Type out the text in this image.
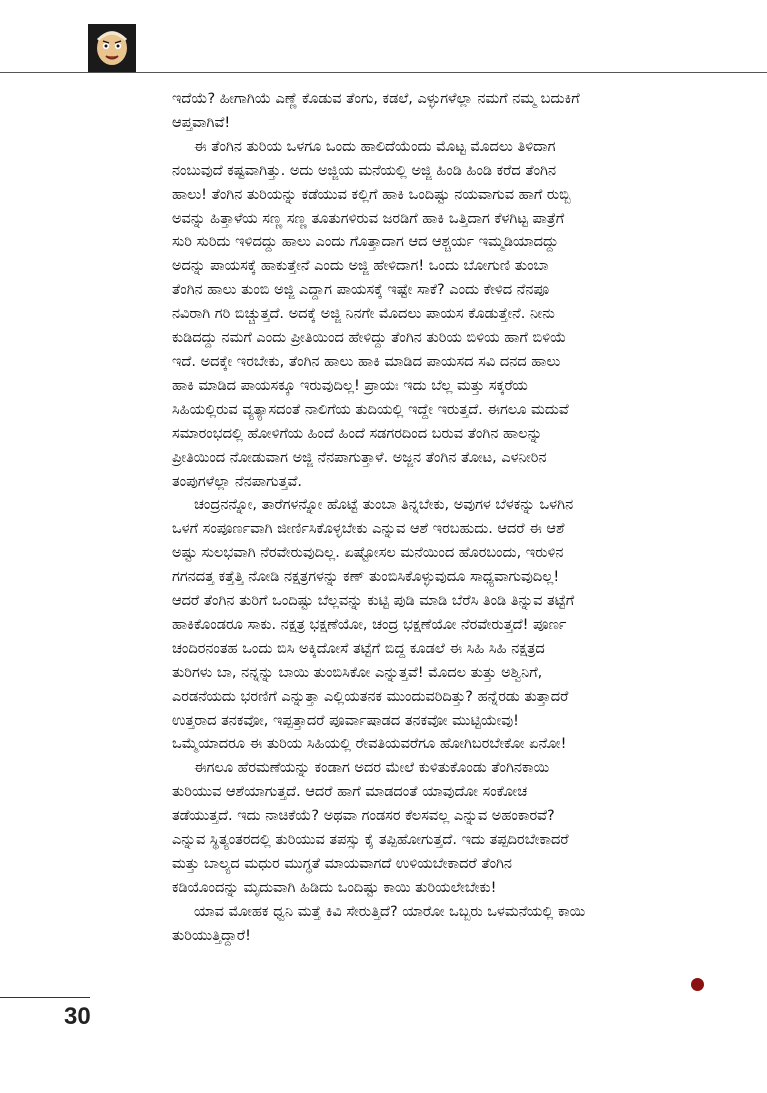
ಇದೆಯೆ? ಹೀಗಾಗಿಯೆ ಎಣ್ಣೆ ಕೊಡುವ ತೆಂಗು, ಕಡಲೆ, ಎಳ್ಳುಗಳೆಲ್ಲಾ ನಮಗೆ ನಮ್ಮ ಬದುಕಿಗೆ
ಆಪ್ತವಾಗಿವೆ!

ಈ ತೆಂಗಿನ ತುರಿಯ ಒಳಗೂ ಒಂದು ಹಾಲಿದೆಯೆಂದು ಮೊಟ್ಟ ಮೊದಲು ತಿಳಿದಾಗ
ನಂಬುವುದೆ ಕಷ್ಟವಾಗಿತ್ತು. ಅದು ಅಜ್ಜಿಯ ಮನೆಯಲ್ಲಿ ಅಜ್ಜಿ ಹಿಂಡಿ ಹಿಂಡಿ ಕರೆದ ತೆಂಗಿನ
ಹಾಲು! ತೆಂಗಿನ ತುರಿಯನ್ನು ಕಡೆಯುವ ಕಲ್ಲಿಗೆ ಹಾಕಿ ಒಂದಿಷ್ಟು ನಯವಾಗುವ ಹಾಗೆ ರುಬ್ಬಿ
ಅವನ್ನು ಹಿತ್ತಾಳೆಯ ಸಣ್ಣ ಸಣ್ಣ ತೂತುಗಳಿರುವ ಜರಡಿಗೆ ಹಾಕಿ ಒತ್ತಿದಾಗ ಕೆಳಗಿಟ್ಟ ಪಾತ್ರೆಗೆ
ಸುರಿ ಸುರಿದು ಇಳಿದದ್ದು ಹಾಲು ಎಂದು ಗೊತ್ತಾದಾಗ ಆದ ಆಶ್ಚರ್ಯ ಇಮ್ಮಡಿಯಾದದ್ದು
ಅದನ್ನು ಪಾಯಸಕ್ಕೆ ಹಾಕುತ್ತೇನೆ ಎಂದು ಅಜ್ಜಿ ಹೇಳಿದಾಗ! ಒಂದು ಬೋಗುಣಿ ತುಂಬಾ
ತೆಂಗಿನ ಹಾಲು ತುಂಬಿ ಅಜ್ಜಿ ಎದ್ದಾಗ ಪಾಯಸಕ್ಕೆ ಇಷ್ಟೇ ಸಾಕೆ? ಎಂದು ಕೇಳಿದ ನೆನಪೂ
ನವಿರಾಗಿ ಗರಿ ಬಿಚ್ಚುತ್ತದೆ. ಅದಕ್ಕೆ ಅಜ್ಜಿ ನಿನಗೇ ಮೊದಲು ಪಾಯಸ ಕೊಡುತ್ತೇನೆ. ನೀನು
ಕುಡಿದದ್ದು ನಮಗೆ ಎಂದು ಪ್ರೀತಿಯಿಂದ ಹೇಳಿದ್ದು ತೆಂಗಿನ ತುರಿಯ ಬಿಳಿಯ ಹಾಗೆ ಬಿಳಿಯೆ
ಇದೆ. ಅದಕ್ಕೇ ಇರಬೇಕು, ತೆಂಗಿನ ಹಾಲು ಹಾಕಿ ಮಾಡಿದ ಪಾಯಸದ ಸವಿ ದನದ ಹಾಲು
ಹಾಕಿ ಮಾಡಿದ ಪಾಯಸಕ್ಕೂ ಇರುವುದಿಲ್ಲ! ಪ್ರಾಯಃ ಇದು ಬೆಲ್ಲ ಮತ್ತು ಸಕ್ಕರೆಯ
ಸಿಹಿಯಲ್ಲಿರುವ ವ್ಯತ್ಯಾಸದಂತೆ ನಾಲಿಗೆಯ ತುದಿಯಲ್ಲಿ ಇದ್ದೇ ಇರುತ್ತದೆ. ಈಗಲೂ ಮದುವೆ
ಸಮಾರಂಭದಲ್ಲಿ ಹೋಳಿಗೆಯ ಹಿಂದೆ ಹಿಂದೆ ಸಡಗರದಿಂದ ಬರುವ ತೆಂಗಿನ ಹಾಲನ್ನು
ಪ್ರೀತಿಯಿಂದ ನೋಡುವಾಗ ಅಜ್ಜಿ ನೆನಪಾಗುತ್ತಾಳೆ. ಅಜ್ಜನ ತೆಂಗಿನ ತೋಟ, ಎಳನೀರಿನ
ತಂಪುಗಳೆಲ್ಲಾ ನೆನಪಾಗುತ್ತವೆ.

ಚಂದ್ರನನ್ನೋ, ತಾರೆಗಳನ್ನೋ ಹೊಟ್ಟೆ ತುಂಬಾ ತಿನ್ನಬೇಕು, ಅವುಗಳ ಬೆಳಕನ್ನು ಒಳಗಿನ
ಒಳಗೆ ಸಂಪೂರ್ಣವಾಗಿ ಜೀರ್ಣಿಸಿಕೊಳ್ಳಬೇಕು ಎನ್ನುವ ಆಶೆ ಇರಬಹುದು. ಆದರೆ ಈ ಆಶೆ
ಅಷ್ಟು ಸುಲಭವಾಗಿ ನೆರವೇರುವುದಿಲ್ಲ. ಏಷ್ಟೋಸಲ ಮನೆಯಿಂದ ಹೊರಬಂದು, ಇರುಳಿನ
ಗಗನದತ್ತ ಕತ್ತೆತ್ತಿ ನೋಡಿ ನಕ್ಷತ್ರಗಳನ್ನು ಕಣ್ ತುಂಬಿಸಿಕೊಳ್ಳುವುದೂ ಸಾಧ್ಯವಾಗುವುದಿಲ್ಲ!
ಆದರೆ ತೆಂಗಿನ ತುರಿಗೆ ಒಂದಿಷ್ಟು ಬೆಲ್ಲವನ್ನು ಕುಟ್ಟಿ ಪುಡಿ ಮಾಡಿ ಬೆರೆಸಿ ತಿಂಡಿ ತಿನ್ನುವ ತಟ್ಟೆಗೆ
ಹಾಕಿಕೊಂಡರೂ ಸಾಕು. ನಕ್ಷತ್ರ ಭಕ್ಷಣೆಯೋ, ಚಂದ್ರ ಭಕ್ಷಣೆಯೋ ನೆರವೇರುತ್ತದೆ! ಪೂರ್ಣ
ಚಂದಿರನಂತಹ ಒಂದು ಬಿಸಿ ಅಕ್ಕಿದೋಸೆ ತಟ್ಟೆಗೆ ಬಿದ್ದ ಕೂಡಲೆ ಈ ಸಿಹಿ ಸಿಹಿ ನಕ್ಷತ್ರದ
ತುರಿಗಳು ಬಾ, ನನ್ನನ್ನು ಬಾಯಿ ತುಂಬಿಸಿಕೋ ಎನ್ನುತ್ತವೆ! ಮೊದಲ ತುತ್ತು ಅಶ್ವಿನಿಗೆ,
ಎರಡನೆಯದು ಭರಣಿಗೆ ಎನ್ನುತ್ತಾ ಎಲ್ಲಿಯತನಕ ಮುಂದುವರಿದಿತ್ತು? ಹನ್ನೆರಡು ತುತ್ತಾದರೆ
ಉತ್ತರಾದ ತನಕವೋ, ಇಪ್ಪತ್ತಾದರೆ ಪೂರ್ವಾಷಾಡದ ತನಕವೋ ಮುಟ್ಟಿಯೇವು!
ಒಮ್ಮೆಯಾದರೂ ಈ ತುರಿಯ ಸಿಹಿಯಲ್ಲಿ ರೇವತಿಯವರೆಗೂ ಹೋಗಿಬರಬೇಕೋ ಏನೋ!

ಈಗಲೂ ಹೆರಮಣೆಯನ್ನು ಕಂಡಾಗ ಅದರ ಮೇಲೆ ಕುಳಿತುಕೊಂಡು ತೆಂಗಿನಕಾಯಿ
ತುರಿಯುವ ಆಶೆಯಾಗುತ್ತದೆ. ಆದರೆ ಹಾಗೆ ಮಾಡದಂತೆ ಯಾವುದೋ ಸಂಕೋಚ
ತಡೆಯುತ್ತದೆ. ಇದು ನಾಚಿಕೆಯೆ? ಅಥವಾ ಗಂಡಸರ ಕೆಲಸವಲ್ಲ ಎನ್ನುವ ಅಹಂಕಾರವೆ?
ಎನ್ನುವ ಸ್ಥಿತ್ಯಂತರದಲ್ಲಿ ತುರಿಯುವ ತಪಸ್ಸು ಕೈ ತಪ್ಪಿಹೋಗುತ್ತದೆ. ಇದು ತಪ್ಪದಿರಬೇಕಾದರೆ
ಮತ್ತು ಬಾಲ್ಯದ ಮಧುರ ಮುಗ್ಧತೆ ಮಾಯವಾಗದೆ ಉಳಿಯಬೇಕಾದರೆ ತೆಂಗಿನ
ಕಡಿಯೊಂದನ್ನು ಮೃದುವಾಗಿ ಹಿಡಿದು ಒಂದಿಷ್ಟು ಕಾಯಿ ತುರಿಯಲೇಬೇಕು!

ಯಾವ ಮೋಹಕ ಧ್ವನಿ ಮತ್ತೆ ಕಿವಿ ಸೇರುತ್ತಿದೆ? ಯಾರೋ ಒಬ್ಬರು ಒಳಮನೆಯಲ್ಲಿ ಕಾಯಿ
ತುರಿಯುತ್ತಿದ್ದಾರೆ!

30
